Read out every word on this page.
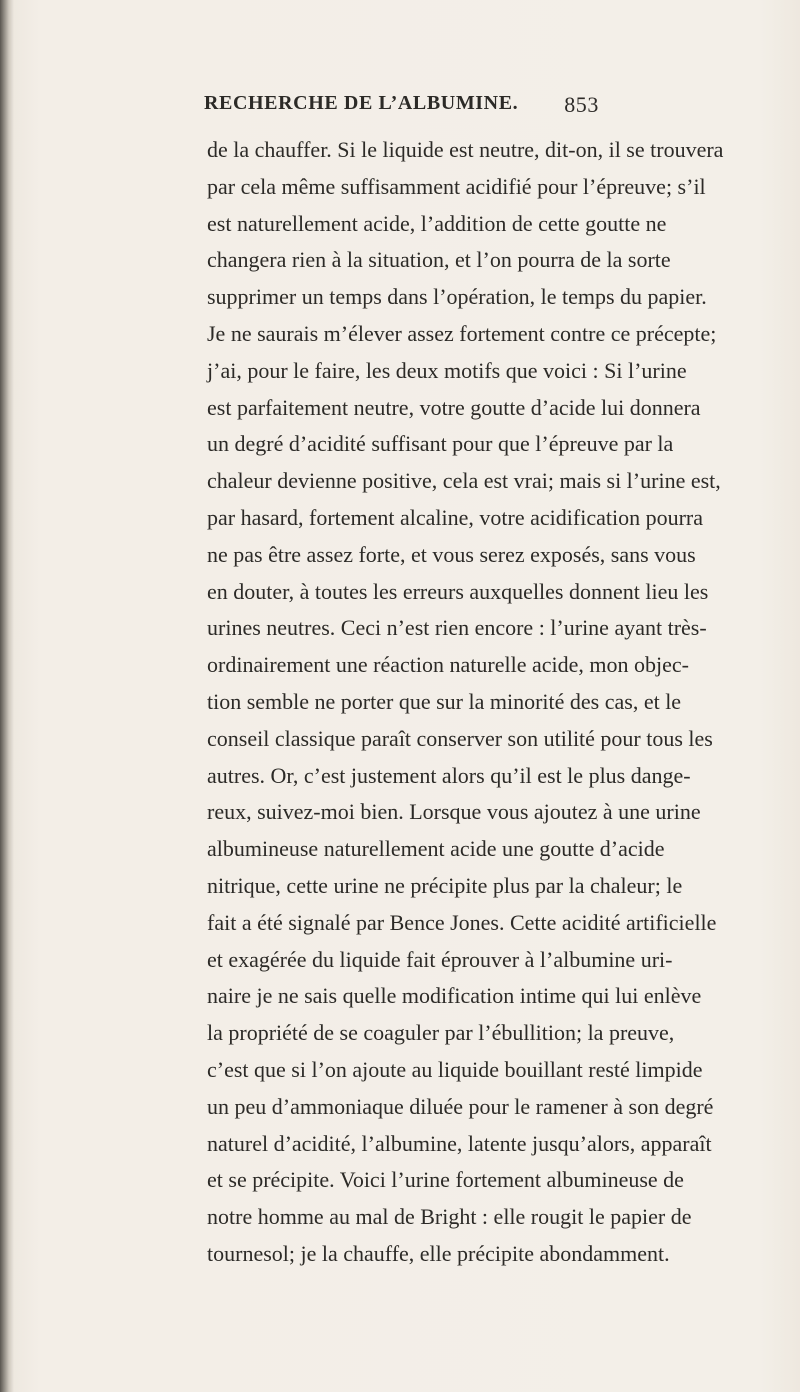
RECHERCHE DE L’ALBUMINE. 853
de la chauffer. Si le liquide est neutre, dit-on, il se trouvera
par cela même suffisamment acidifié pour l’épreuve; s’il
est naturellement acide, l’addition de cette goutte ne
changera rien à la situation, et l’on pourra de la sorte
supprimer un temps dans l’opération, le temps du papier.
Je ne saurais m’élever assez fortement contre ce précepte;
j’ai, pour le faire, les deux motifs que voici : Si l’urine
est parfaitement neutre, votre goutte d’acide lui donnera
un degré d’acidité suffisant pour que l’épreuve par la
chaleur devienne positive, cela est vrai; mais si l’urine est,
par hasard, fortement alcaline, votre acidification pourra
ne pas être assez forte, et vous serez exposés, sans vous
en douter, à toutes les erreurs auxquelles donnent lieu les
urines neutres. Ceci n’est rien encore : l’urine ayant très-
ordinairement une réaction naturelle acide, mon objec-
tion semble ne porter que sur la minorité des cas, et le
conseil classique paraît conserver son utilité pour tous les
autres. Or, c’est justement alors qu’il est le plus dange-
reux, suivez-moi bien. Lorsque vous ajoutez à une urine
albumineuse naturellement acide une goutte d’acide
nitrique, cette urine ne précipite plus par la chaleur; le
fait a été signalé par Bence Jones. Cette acidité artificielle
et exagérée du liquide fait éprouver à l’albumine uri-
naire je ne sais quelle modification intime qui lui enlève
la propriété de se coaguler par l’ébullition; la preuve,
c’est que si l’on ajoute au liquide bouillant resté limpide
un peu d’ammoniaque diluée pour le ramener à son degré
naturel d’acidité, l’albumine, latente jusqu’alors, apparaît
et se précipite. Voici l’urine fortement albumineuse de
notre homme au mal de Bright : elle rougit le papier de
tournesol; je la chauffe, elle précipite abondamment.
